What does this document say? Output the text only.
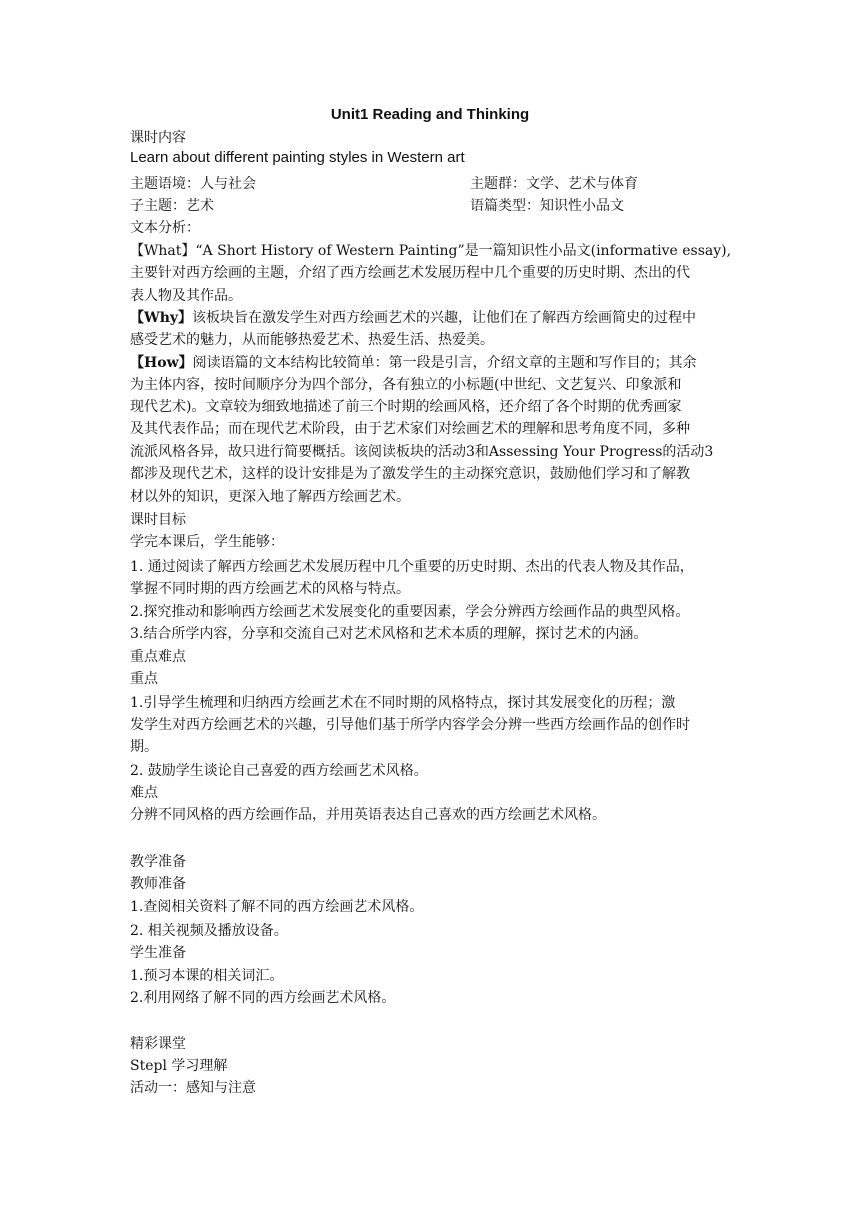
Unit1 Reading and Thinking
课时内容
Learn about different painting styles in Western art
主题语境：人与社会	主题群：文学、艺术与体育
子主题：艺术	语篇类型：知识性小品文
文本分析：
【What】“A Short History of Western Painting”是一篇知识性小品文(informative essay),
主要针对西方绘画的主题，介绍了西方绘画艺术发展历程中几个重要的历史时期、杰出的代
表人物及其作品。
【Why】该板块旨在激发学生对西方绘画艺术的兴趣，让他们在了解西方绘画简史的过程中
感受艺术的魅力，从而能够热爱艺术、热爱生活、热爱美。
【How】阅读语篇的文本结构比较简单：第一段是引言，介绍文章的主题和写作目的；其余
为主体内容，按时间顺序分为四个部分，各有独立的小标题(中世纪、文艺复兴、印象派和
现代艺术)。文章较为细致地描述了前三个时期的绘画风格，还介绍了各个时期的优秀画家
及其代表作品；而在现代艺术阶段，由于艺术家们对绘画艺术的理解和思考角度不同，多种
流派风格各异，故只进行简要概括。该阅读板块的活动3和Assessing Your Progress的活动3
都涉及现代艺术，这样的设计安排是为了激发学生的主动探究意识，鼓励他们学习和了解教
材以外的知识，更深入地了解西方绘画艺术。
课时目标
学完本课后，学生能够：
1. 通过阅读了解西方绘画艺术发展历程中几个重要的历史时期、杰出的代表人物及其作品，
掌握不同时期的西方绘画艺术的风格与特点。
2.探究推动和影响西方绘画艺术发展变化的重要因素，学会分辨西方绘画作品的典型风格。
3.结合所学内容，分享和交流自己对艺术风格和艺术本质的理解，探讨艺术的内涵。
重点难点
重点
1.引导学生梳理和归纳西方绘画艺术在不同时期的风格特点，探讨其发展变化的历程；激
发学生对西方绘画艺术的兴趣，引导他们基于所学内容学会分辨一些西方绘画作品的创作时
期。
2. 鼓励学生谈论自己喜爱的西方绘画艺术风格。
难点
分辨不同风格的西方绘画作品，并用英语表达自己喜欢的西方绘画艺术风格。
教学准备
教师准备
1.查阅相关资料了解不同的西方绘画艺术风格。
2. 相关视频及播放设备。
学生准备
1.预习本课的相关词汇。
2.利用网络了解不同的西方绘画艺术风格。
精彩课堂
Stepl 学习理解
活动一：感知与注意
